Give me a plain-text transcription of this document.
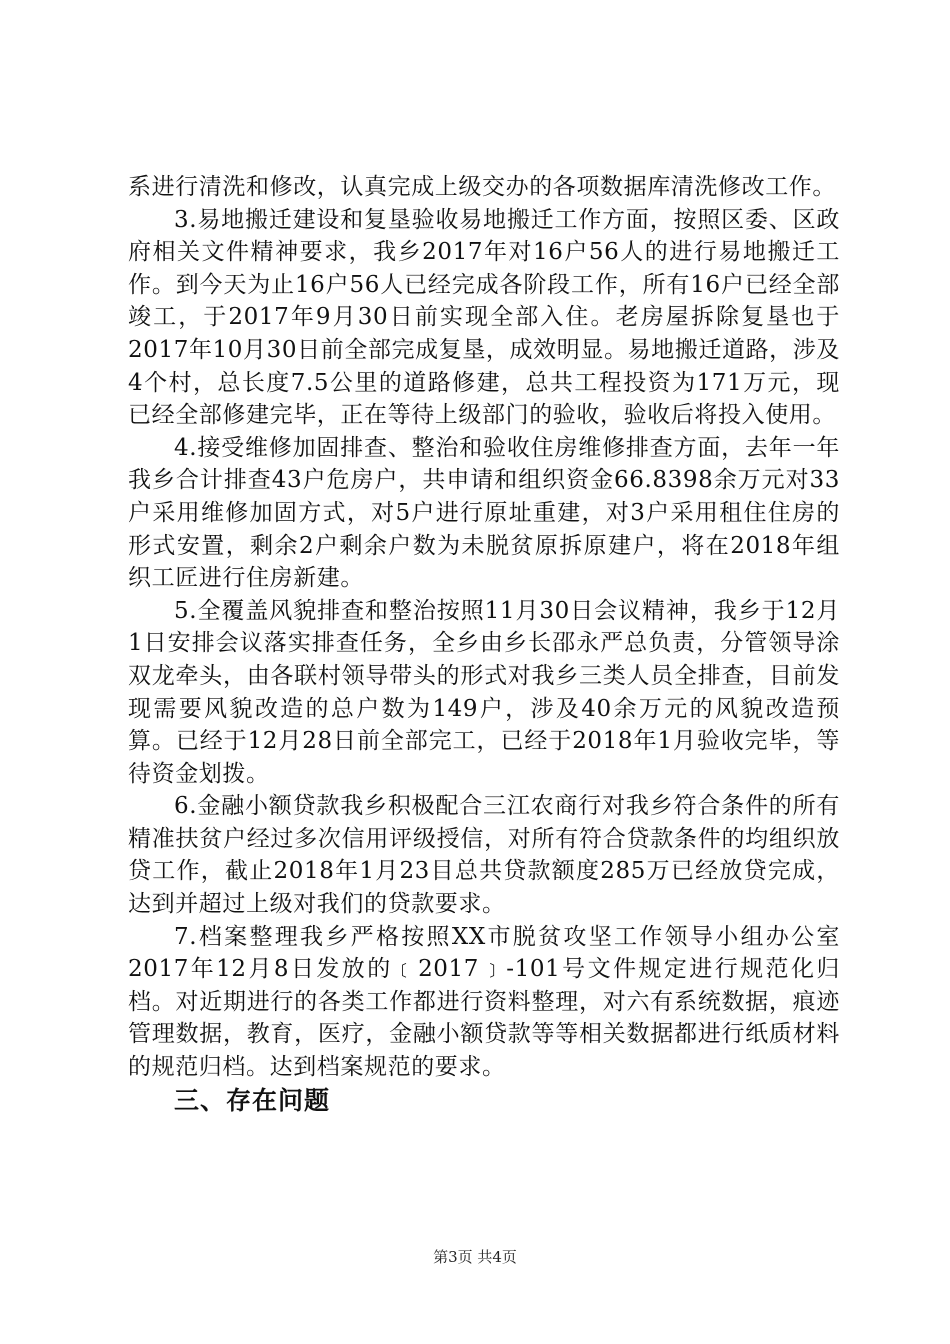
系进行清洗和修改，认真完成上级交办的各项数据库清洗修改工作。

3.易地搬迁建设和复垦验收易地搬迁工作方面，按照区委、区政府相关文件精神要求，我乡2017年对16户56人的进行易地搬迁工作。到今天为止16户56人已经完成各阶段工作，所有16户已经全部竣工，于2017年9月30日前实现全部入住。老房屋拆除复垦也于2017年10月30日前全部完成复垦，成效明显。易地搬迁道路，涉及4个村，总长度7.5公里的道路修建，总共工程投资为171万元，现已经全部修建完毕，正在等待上级部门的验收，验收后将投入使用。

4.接受维修加固排查、整治和验收住房维修排查方面，去年一年我乡合计排查43户危房户，共申请和组织资金66.8398余万元对33户采用维修加固方式，对5户进行原址重建，对3户采用租住住房的形式安置，剩余2户剩余户数为未脱贫原拆原建户，将在2018年组织工匠进行住房新建。

5.全覆盖风貌排查和整治按照11月30日会议精神，我乡于12月1日安排会议落实排查任务，全乡由乡长邵永严总负责，分管领导涂双龙牵头，由各联村领导带头的形式对我乡三类人员全排查，目前发现需要风貌改造的总户数为149户，涉及40余万元的风貌改造预算。已经于12月28日前全部完工，已经于2018年1月验收完毕，等待资金划拨。

6.金融小额贷款我乡积极配合三江农商行对我乡符合条件的所有精准扶贫户经过多次信用评级授信，对所有符合贷款条件的均组织放贷工作，截止2018年1月23目总共贷款额度285万已经放贷完成，达到并超过上级对我们的贷款要求。

7.档案整理我乡严格按照XX市脱贫攻坚工作领导小组办公室2017年12月8日发放的﹝2017﹞-101号文件规定进行规范化归档。对近期进行的各类工作都进行资料整理，对六有系统数据，痕迹管理数据，教育，医疗，金融小额贷款等等相关数据都进行纸质材料的规范归档。达到档案规范的要求。

三、存在问题
第3页 共4页
